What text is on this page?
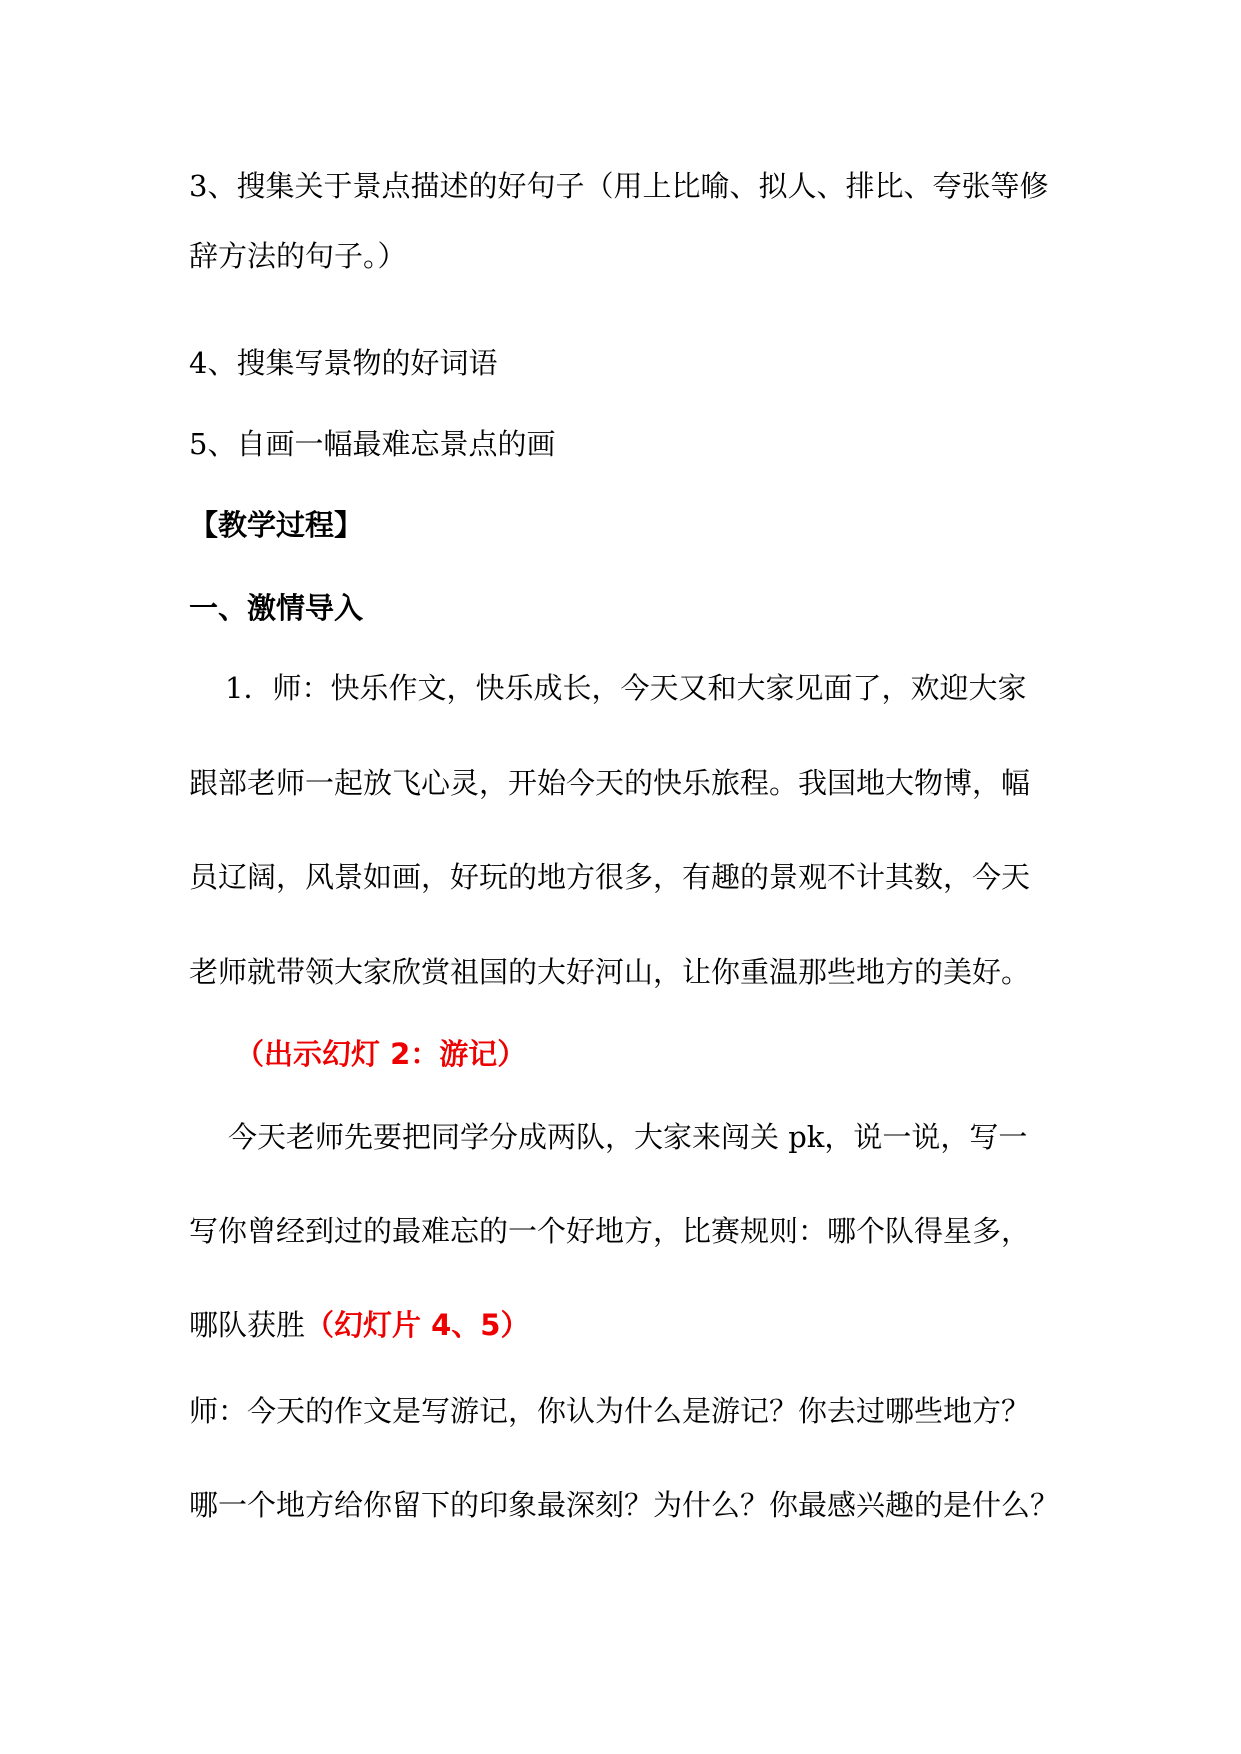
3、搜集关于景点描述的好句子（用上比喻、拟人、排比、夸张等修
辞方法的句子。）
4、搜集写景物的好词语
5、自画一幅最难忘景点的画
【教学过程】
一、激情导入
1．师：快乐作文，快乐成长，今天又和大家见面了，欢迎大家
跟部老师一起放飞心灵，开始今天的快乐旅程。我国地大物博，幅
员辽阔，风景如画，好玩的地方很多，有趣的景观不计其数，今天
老师就带领大家欣赏祖国的大好河山，让你重温那些地方的美好。
（出示幻灯 2：游记）
今天老师先要把同学分成两队，大家来闯关 pk，说一说，写一
写你曾经到过的最难忘的一个好地方，比赛规则：哪个队得星多，
哪队获胜（幻灯片 4、5）
师：今天的作文是写游记，你认为什么是游记？你去过哪些地方？
哪一个地方给你留下的印象最深刻？为什么？你最感兴趣的是什么？
